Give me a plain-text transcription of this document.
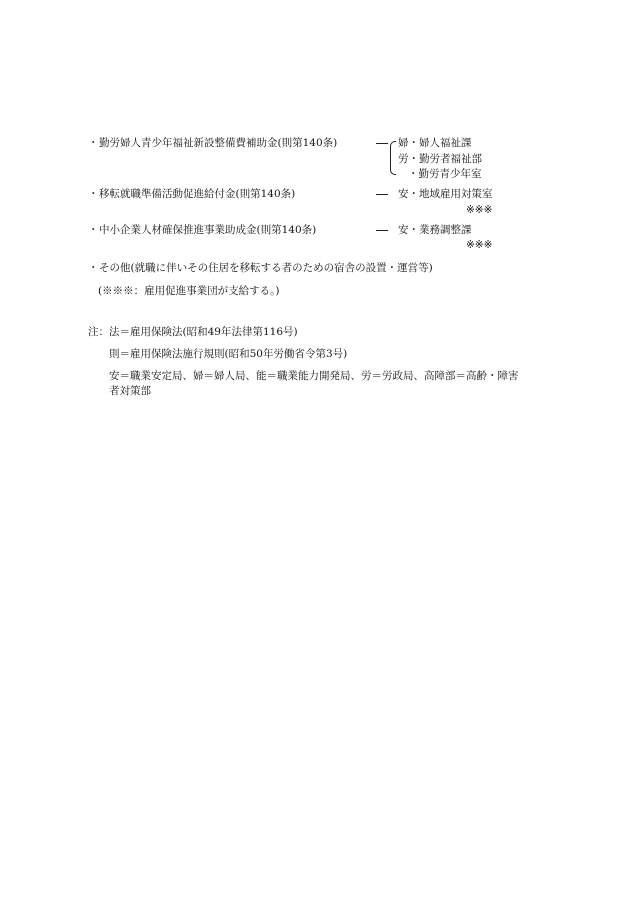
・ 勤労婦人青少年福祉新設整備費補助金(則第140条)	婦・婦人福祉課
労・勤労者福祉部
・勤労青少年室
・ 移転就職準備活動促進給付金(則第140条)	安・地域雇用対策室
※※※
・ 中小企業人材確保推進事業助成金(則第140条)	安・業務調整課
※※※
・ その他(就職に伴いその住居を移転する者のための宿舎の設置・運営等)
(※※※：雇用促進事業団が支給する。)
注： 法＝雇用保険法(昭和49年法律第116号)
則＝雇用保険法施行規則(昭和50年労働省令第3号)
安＝職業安定局、婦＝婦人局、能＝職業能力開発局、労＝労政局、高障部＝高齢・障害
者対策部
